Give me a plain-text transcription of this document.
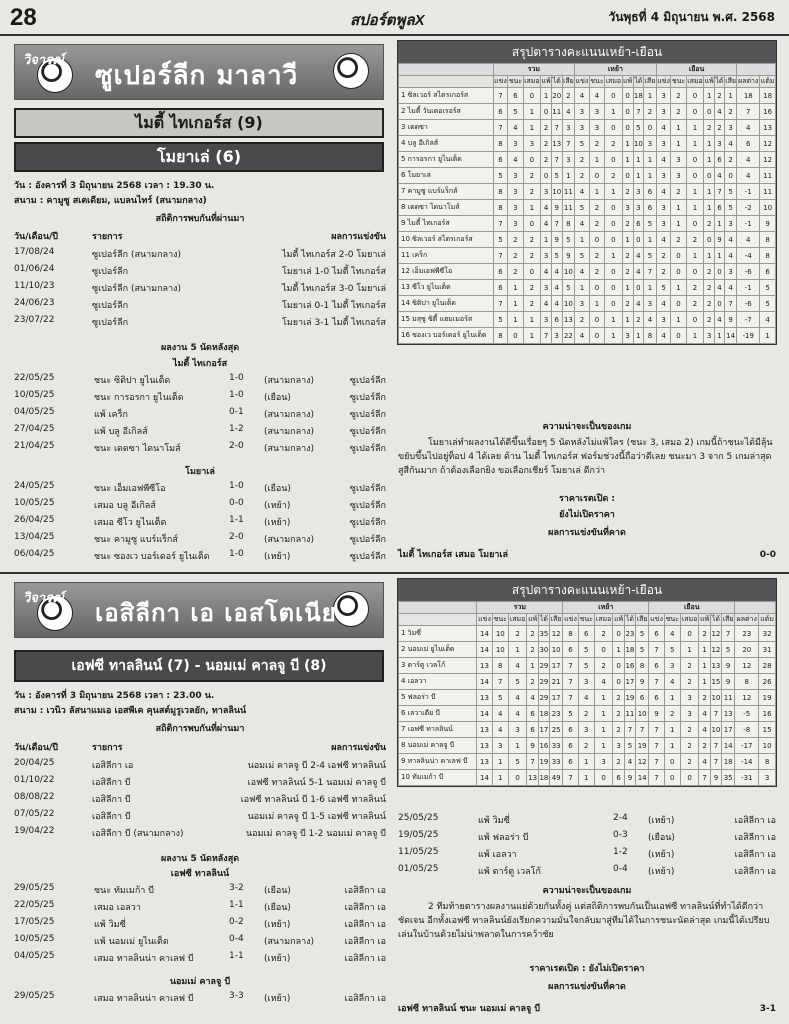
28	สปอร์ตพูลX	วันพุธที่ 4 มิถุนายน พ.ศ. 2568
วิจารณ์
ซูเปอร์ลีก มาลาวี
ไมตี้ ไทเกอร์ส (9)
โมยาเล่ (6)
วัน : อังคารที่ 3 มิถุนายน 2568 เวลา : 19.30 น.
สนาม : คามูซู สเตเดียม, แบลนไทร์ (สนามกลาง)
สถิติการพบกันที่ผ่านมา
วัน/เดือน/ปี	รายการ	ผลการแข่งขัน
17/08/24	ซูเปอร์ลีก (สนามกลาง)	ไมตี้ ไทเกอร์ส 2-0 โมยาเล่
01/06/24	ซูเปอร์ลีก	โมยาเล่ 1-0 ไมตี้ ไทเกอร์ส
11/10/23	ซูเปอร์ลีก (สนามกลาง)	ไมตี้ ไทเกอร์ส 3-0 โมยาเล่
24/06/23	ซูเปอร์ลีก	โมยาเล่ 0-1 ไมตี้ ไทเกอร์ส
23/07/22	ซูเปอร์ลีก	โมยาเล่ 3-1 ไมตี้ ไทเกอร์ส
ผลงาน 5 นัดหลังสุด
ไมตี้ ไทเกอร์ส
22/05/25	ชนะ ซิติปา ยูไนเต็ด	1-0 (สนามกลาง)	ซูเปอร์ลีก
10/05/25	ชนะ การอรกา ยูไนเต็ด	1-0 (เยือน)	ซูเปอร์ลีก
04/05/25	แพ้ เคร็ก	0-1 (สนามกลาง)	ซูเปอร์ลีก
27/04/25	แพ้ บลู อีเกิลส์	1-2 (สนามกลาง)	ซูเปอร์ลีก
21/04/25	ชนะ เดดซา ไดนาโมส์	2-0 (สนามกลาง)	ซูเปอร์ลีก
โมยาเล่
24/05/25	ชนะ เอ็มเอฟพีซีโอ	1-0 (เยือน)	ซูเปอร์ลีก
10/05/25	เสมอ บลู อีเกิลส์	0-0 (เหย้า)	ซูเปอร์ลีก
26/04/25	เสมอ ซีโว ยูไนเต็ด	1-1 (เหย้า)	ซูเปอร์ลีก
13/04/25	ชนะ คามูซู แบร์แร็กส์	2-0 (สนามกลาง)	ซูเปอร์ลีก
06/04/25	ชนะ ซองเว บอร์เดอร์ ยูไนเต็ด 1-0 (เหย้า)	ซูเปอร์ลีก
สรุปตารางคะแนนเหย้า-เยือน
	รวม						เหย้า						เยือน							
	แข่ง	ชนะ	เสมอ	แพ้	ได้	เสีย	แข่ง	ชนะ	เสมอ	แพ้	ได้	เสีย	แข่ง	ชนะ	เสมอ	แพ้	ได้	เสีย	ผลต่าง	แต้ม
1 ซิลเวอร์ สไตรเกอร์ส	7	6	0	1	20	2	4	4	0	0	18	1	3	2	0	1	2	1	18	18
2 ไมตี้ วันเดอเรอร์ส	6	5	1	0	11	4	3	3	1	0	7	2	3	2	0	0	4	2	7	16
3 เดดซา	7	4	1	2	7	3	3	3	0	0	5	0	4	1	1	2	2	3	4	13
4 บลู อีเกิลส์	8	3	3	2	13	7	5	2	2	1	10	3	3	1	1	1	3	4	6	12
5 การอรกา ยูไนเต็ด	6	4	0	2	7	3	2	1	0	1	1	1	4	3	0	1	6	2	4	12
6 โมยาเล่	5	3	2	0	5	1	2	0	2	0	1	1	3	3	0	0	4	0	4	11
7 คามูซู แบร์แร็กส์	8	3	2	3	10	11	4	1	1	2	3	6	4	2	1	1	7	5	-1	11
8 เดดซา ไดนาโมส์	8	3	1	4	9	11	5	2	0	3	3	6	3	1	1	1	6	5	-2	10
9 ไมตี้ ไทเกอร์ส	7	3	0	4	7	8	4	2	0	2	6	5	3	1	0	2	1	3	-1	9
10 ซิลเวอร์ สไตรเกอร์ส	5	2	2	1	9	5	1	0	0	1	0	1	4	2	2	0	9	4	4	8
11 เคร็ก	7	2	2	3	5	9	5	2	1	2	4	5	2	0	1	1	1	4	-4	8
12 เอ็มเอฟพีซีโอ	6	2	0	4	4	10	4	2	0	2	4	7	2	0	0	2	0	3	-6	6
13 ซีโว ยูไนเต็ด	6	1	2	3	4	5	1	0	0	1	0	1	5	1	2	2	4	4	-1	5
14 ซิติปา ยูไนเต็ด	7	1	2	4	4	10	3	1	0	2	4	3	4	0	2	2	0	7	-6	5
15 มสุซู ซิตี้ แฮมเมอร์ส	5	1	1	3	6	13	2	0	1	1	2	4	3	1	0	2	4	9	-7	4
16 ซองเว บอร์เดอร์ ยูไนเต็ด	8	0	1	7	3	22	4	0	1	3	1	8	4	0	1	3	1	14	-19	1
ความน่าจะเป็นของเกม
โมยาเล่ทำผลงานได้ดีขึ้นเรื่อยๆ 5 นัดหลังไม่แพ้ใคร (ชนะ 3, เสมอ 2) เกมนี้ถ้าชนะได้มีลุ้นขยับขึ้นไปอยู่ท็อป 4 ได้เลย ด้าน ไมตี้ ไทเกอร์ส ฟอร์มช่วงนี้ถือว่าดีเลย ชนะมา 3 จาก 5 เกมล่าสุด สูสีกันมาก ถ้าต้องเลือกยิง ขอเลือกเชียร์ โมยาเล่ ดีกว่า
ราคาเรตเปิด :
ยังไม่เปิดราคา
ผลการแข่งขันที่คาด
ไมตี้ ไทเกอร์ส เสมอ โมยาเล่	0-0
วิจารณ์
เอสิลีกา เอ เอสโตเนีย
เอฟซี ทาลลินน์ (7) - นอมเม่ คาลจู บี (8)
วัน : อังคารที่ 3 มิถุนายน 2568 เวลา : 23.00 น.
สนาม : เวนิว ลัสนาแมเอ เอสพีเค คุนสต์มูรูเวลยัก, ทาลลินน์
สถิติการพบกันที่ผ่านมา
วัน/เดือน/ปี	รายการ	ผลการแข่งขัน
20/04/25	เอสิลีกา เอ	นอมเม่ คาลจู บี 2-4 เอฟซี ทาลลินน์
01/10/22	เอสิลีกา บี	เอฟซี ทาลลินน์ 5-1 นอมเม่ คาลจู บี
08/08/22	เอสิลีกา บี	เอฟซี ทาลลินน์ บี 1-6 เอฟซี ทาลลินน์
07/05/22	เอสิลีกา บี	นอมเม่ คาลจู บี 1-5 เอฟซี ทาลลินน์
19/04/22	เอสิลีกา บี (สนามกลาง)	นอมเม่ คาลจู บี 1-2 นอมเม่ คาลจู บี
ผลงาน 5 นัดหลังสุด
เอฟซี ทาลลินน์
29/05/25	ชนะ ทัมเมก้า บี	3-2 (เยือน)	เอสิลีกา เอ
22/05/25	เสมอ เอลวา	1-1 (เยือน)	เอสิลีกา เอ
17/05/25	แพ้ วิมซี่	0-2 (เหย้า)	เอสิลีกา เอ
10/05/25	แพ้ นอมเม่ ยูไนเต็ด	0-4 (สนามกลาง)	เอสิลีกา เอ
04/05/25	เสมอ ทาลลินน่า คาเลฟ บี	1-1 (เหย้า)	เอสิลีกา เอ
นอมเม่ คาลจู บี
29/05/25	เสมอ ทาลลินน่า คาเลฟ บี	3-3 (เหย้า)	เอสิลีกา เอ
สรุปตารางคะแนนเหย้า-เยือน
	รวม						เหย้า						เยือน							
	แข่ง	ชนะ	เสมอ	แพ้	ได้	เสีย	แข่ง	ชนะ	เสมอ	แพ้	ได้	เสีย	แข่ง	ชนะ	เสมอ	แพ้	ได้	เสีย	ผลต่าง	แต้ม
1 วิมซี่	14	10	2	2	35	12	8	6	2	0	23	5	6	4	0	2	12	7	23	32
2 นอมเม่ ยูไนเต็ด	14	10	1	2	30	10	6	5	0	1	18	5	7	5	1	1	12	5	20	31
3 ตาร์ตู เวลโก้	13	8	4	1	29	17	7	5	2	0	16	8	6	3	2	1	13	9	12	28
4 เอลวา	14	7	5	2	29	21	7	3	4	0	17	9	7	4	2	1	15	9	8	26
5 ฟลอร่า บี	13	5	4	4	29	17	7	4	1	2	19	6	6	1	3	2	10	11	12	19
6 เลวาเดีย บี	14	4	4	6	18	23	5	2	1	2	11	10	9	2	3	4	7	13	-5	16
7 เอฟซี ทาลลินน์	13	4	3	6	17	25	6	3	1	2	7	7	7	1	2	4	10	17	-8	15
8 นอมเม่ คาลจู บี	13	3	1	9	16	33	6	2	1	3	5	19	7	1	2	2	7	14	-17	10
9 ทาลลินน่า คาเลฟ บี	13	1	5	7	19	33	6	1	3	2	4	12	7	0	2	4	7	18	-14	8
10 ทัมเมก้า บี	14	1	0	13	18	49	7	1	0	6	9	14	7	0	0	7	9	35	-31	3
25/05/25	แพ้ วิมซี่	2-4 (เหย้า)	เอสิลีกา เอ
19/05/25	แพ้ ฟลอร่า บี	0-3 (เยือน)	เอสิลีกา เอ
11/05/25	แพ้ เอลวา	1-2 (เหย้า)	เอสิลีกา เอ
01/05/25	แพ้ ตาร์ตู เวลโก้	0-4 (เหย้า)	เอสิลีกา เอ
ความน่าจะเป็นของเกม
2 ทีมท้ายตารางผลงานแย่ด้วยกันทั้งคู่ แต่สถิติการพบกันเป็นเอฟซี ทาลลินน์ที่ทำได้ดีกว่าชัดเจน อีกทั้งเอฟซี ทาลลินน์ยังเรียกความมั่นใจกลับมาสู่ทีมได้ในการชนะนัดล่าสุด เกมนี้ได้เปรียบเล่นในบ้านด้วยไม่น่าพลาดในการคว้าชัย
ราคาเรตเปิด : ยังไม่เปิดราคา
ผลการแข่งขันที่คาด
เอฟซี ทาลลินน์ ชนะ นอมเม่ คาลจู บี	3-1
